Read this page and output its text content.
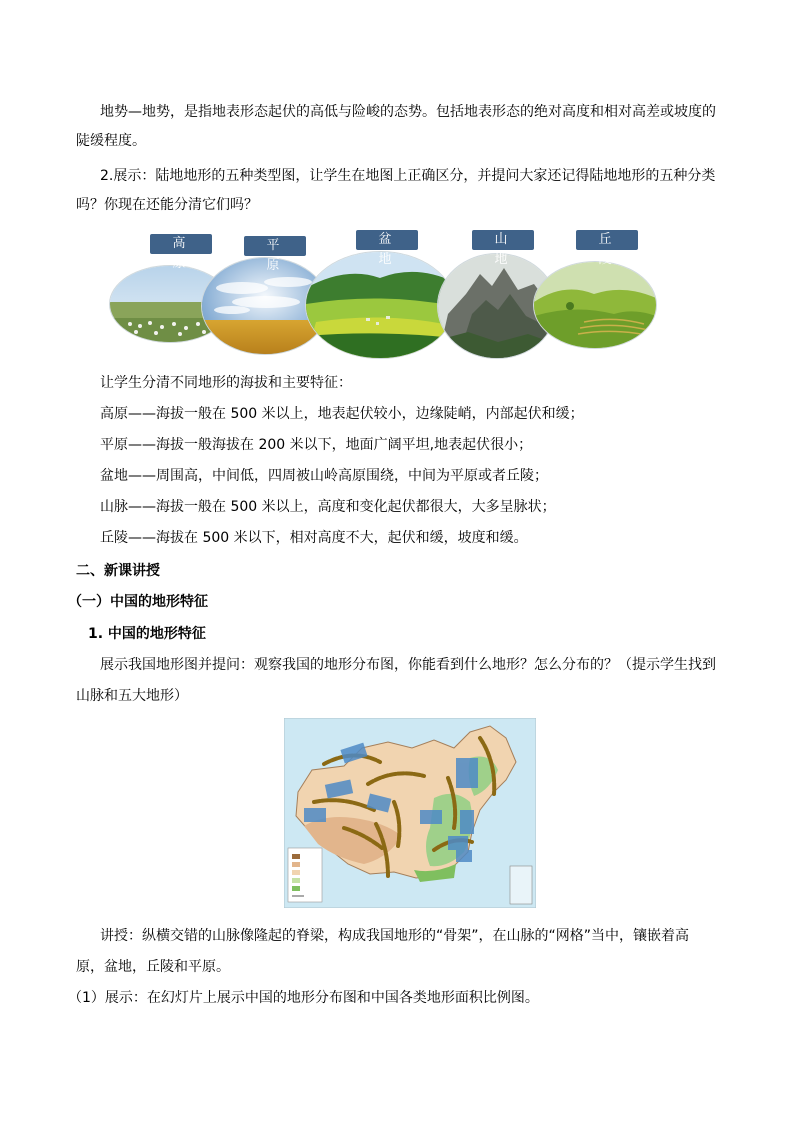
地势—地势，是指地表形态起伏的高低与险峻的态势。包括地表形态的绝对高度和相对高差或坡度的
陡缓程度。
2.展示：陆地地形的五种类型图，让学生在地图上正确区分，并提问大家还记得陆地地形的五种分类
吗？你现在还能分清它们吗？
高 原
平 原
盆 地
山 地
丘 陵
让学生分清不同地形的海拔和主要特征：
高原——海拔一般在 500 米以上，地表起伏较小，边缘陡峭，内部起伏和缓；
平原——海拔一般海拔在 200 米以下，地面广阔平坦,地表起伏很小；
盆地——周围高，中间低，四周被山岭高原围绕，中间为平原或者丘陵；
山脉——海拔一般在 500 米以上，高度和变化起伏都很大，大多呈脉状；
丘陵——海拔在 500 米以下，相对高度不大，起伏和缓，坡度和缓。
二、新课讲授
（一）中国的地形特征
1. 中国的地形特征
展示我国地形图并提问：观察我国的地形分布图，你能看到什么地形？怎么分布的？（提示学生找到
山脉和五大地形）
讲授：纵横交错的山脉像隆起的脊梁，构成我国地形的“骨架”，在山脉的“网格”当中，镶嵌着高
原，盆地，丘陵和平原。
（1）展示：在幻灯片上展示中国的地形分布图和中国各类地形面积比例图。
